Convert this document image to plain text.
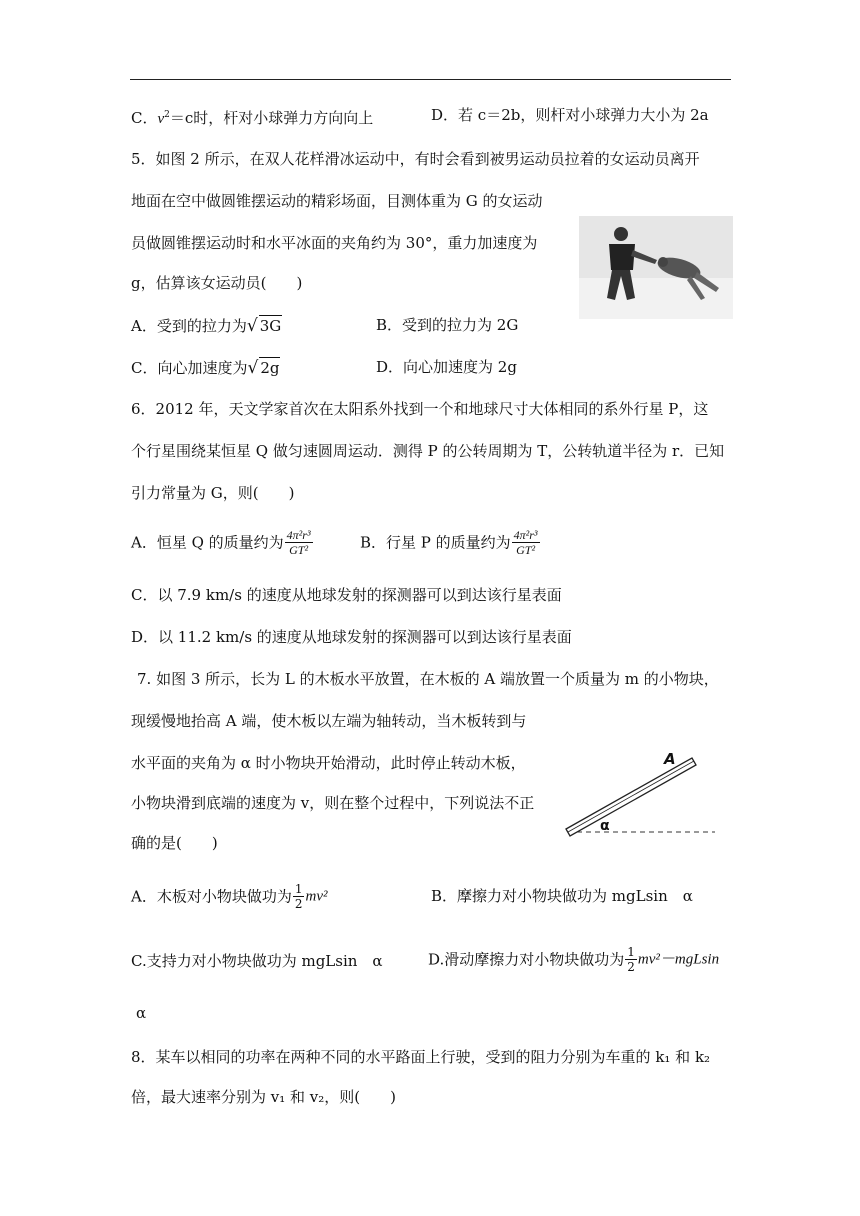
C．$v^2=c$时，杆对小球弹力方向向上	D．若 c＝2b，则杆对小球弹力大小为 2a
5．如图 2 所示，在双人花样滑冰运动中，有时会看到被男运动员拉着的女运动员离开
地面在空中做圆锥摆运动的精彩场面，目测体重为 G 的女运动
员做圆锥摆运动时和水平冰面的夹角约为 30°，重力加速度为
g，估算该女运动员(　　)
A．受到的拉力为√ 3G	B．受到的拉力为 2G
C．向心加速度为√ 2g	D．向心加速度为 2g
6．2012 年，天文学家首次在太阳系外找到一个和地球尺寸大体相同的系外行星 P，这
个行星围绕某恒星 Q 做匀速圆周运动．测得 P 的公转周期为 T，公转轨道半径为 r．已知
引力常量为 G，则(　　)
A．恒星 Q 的质量约为 $\frac{\text{4π²r³}}{\text{GT²}}$	B．行星 P 的质量约为 $\frac{\text{4π²r³}}{\text{GT²}}$
C．以 7.9 km/s 的速度从地球发射的探测器可以到达该行星表面
D．以 11.2 km/s 的速度从地球发射的探测器可以到达该行星表面
7. 如图 3 所示，长为 L 的木板水平放置，在木板的 A 端放置一个质量为 m 的小物块，
现缓慢地抬高 A 端，使木板以左端为轴转动，当木板转到与
水平面的夹角为 α 时小物块开始滑动，此时停止转动木板，
小物块滑到底端的速度为 v，则在整个过程中，下列说法不正
确的是(　　)
A
α
A．木板对小物块做功为 $\frac{1}{2} mv^2$	B．摩擦力对小物块做功为 mgLsin　α
C.支持力对小物块做功为 mgLsin　α	D.滑动摩擦力对小物块做功为 $\frac{1}{2} mv^2-mgLsin$
α
8．某车以相同的功率在两种不同的水平路面上行驶，受到的阻力分别为车重的 k₁ 和 k₂
倍，最大速率分别为 v₁ 和 v₂，则(　　)
